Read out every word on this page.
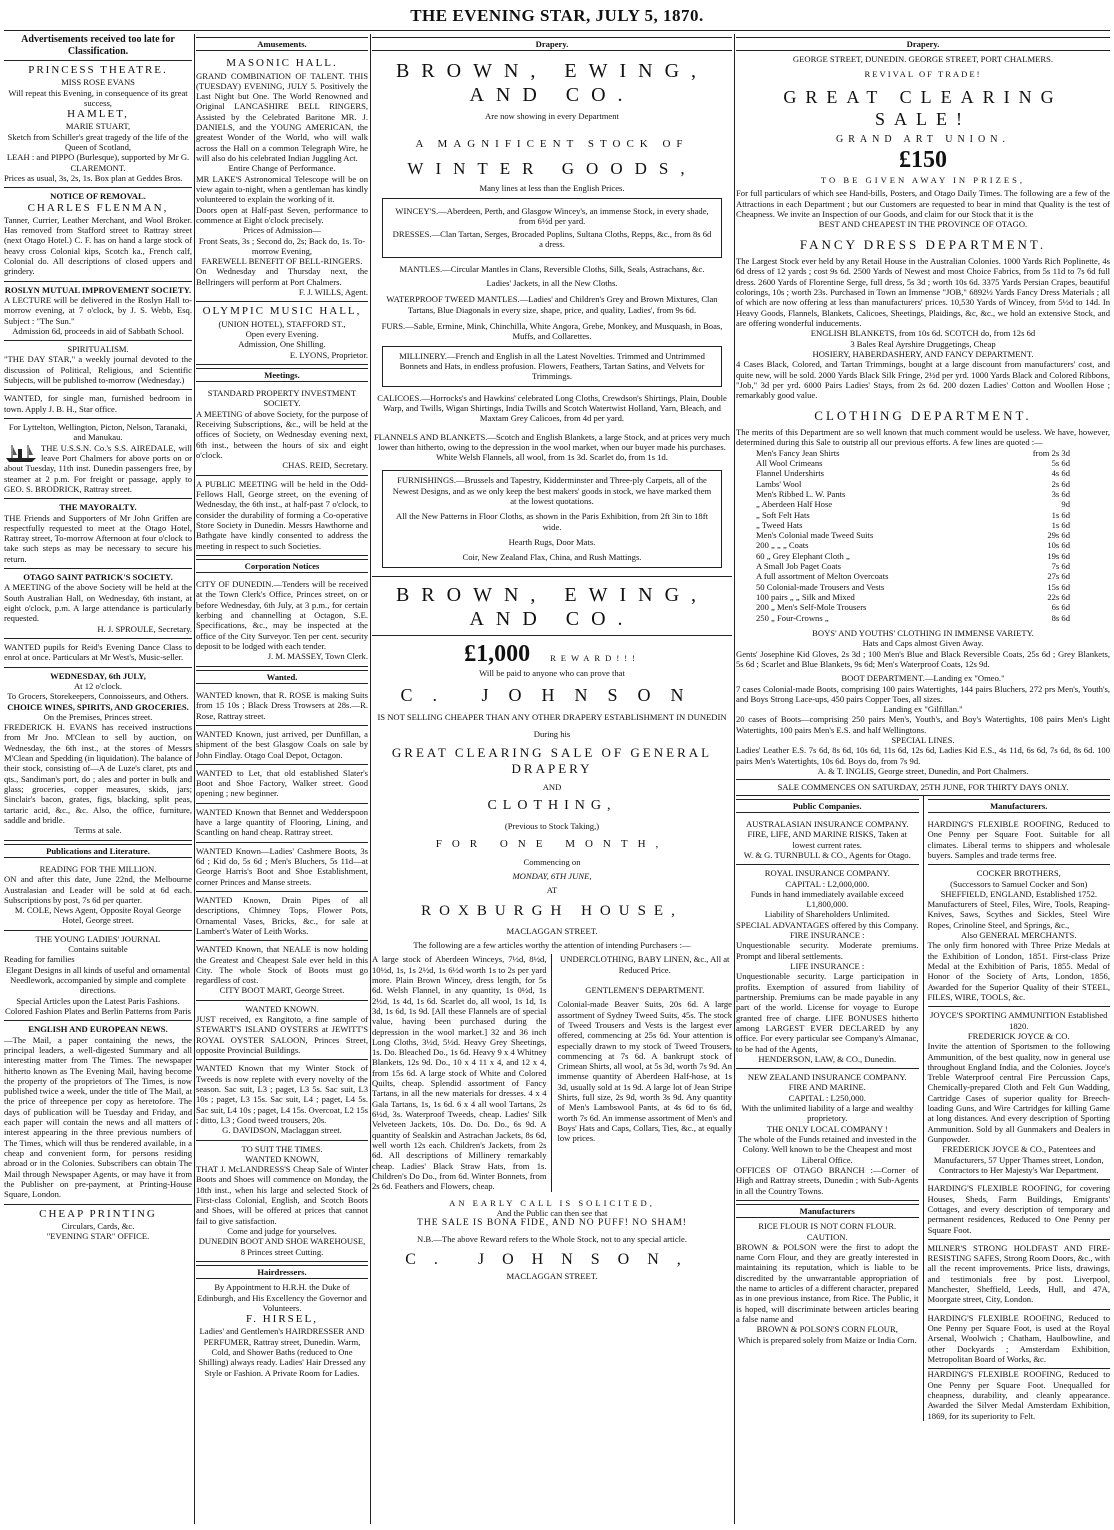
THE EVENING STAR, JULY 5, 1870.
Advertisements received too late for Classification.
PRINCESS THEATRE.
MISS ROSE EVANS
Will repeat this Evening, in consequence of its great success,
HAMLET,
MARIE STUART,
Sketch from Schiller's great tragedy of the life of the Queen of Scotland,
LEAH : and PIPPO (Burlesque), supported by Mr G. CLAREMONT.
Prices as usual, 3s, 2s, 1s. Box plan at Geddes Bros.
NOTICE OF REMOVAL.
CHARLES FLENMAN,
Tanner, Currier, Leather Merchant, and Wool Broker. Has removed from Stafford street to Rattray street (next Otago Hotel.) C. F. has on hand a large stock of heavy cross Colonial kips, Scotch ka., French calf, Colonial do. All descriptions of closed uppers and grindery.
ROSLYN MUTUAL IMPROVEMENT SOCIETY.
A LECTURE will be delivered in the Roslyn Hall to-morrow evening, at 7 o'clock, by J. S. Webb, Esq. Subject : "The Sun."
Admission 6d, proceeds in aid of Sabbath School.
SPIRITUALISM.
"THE DAY STAR," a weekly journal devoted to the discussion of Political, Religious, and Scientific Subjects, will be published to-morrow (Wednesday.)
WANTED, for single man, furnished bedroom in town. Apply J. B. H., Star office.
For Lyttelton, Wellington, Picton, Nelson, Taranaki, and Manukau.
THE U.S.S.N. Co.'s S.S. AIREDALE, will leave Port Chalmers for above ports on or about Tuesday, 11th inst. Dunedin passengers free, by steamer at 2 p.m. For freight or passage, apply to GEO. S. BRODRICK, Rattray street.
THE MAYORALTY.
THE Friends and Supporters of Mr John Griffen are respectfully requested to meet at the Otago Hotel, Rattray street, To-morrow Afternoon at four o'clock to take such steps as may be necessary to secure his return.
OTAGO SAINT PATRICK'S SOCIETY.
A MEETING of the above Society will be held at the South Australian Hall, on Wednesday, 6th instant, at eight o'clock, p.m. A large attendance is particularly requested.
H. J. SPROULE, Secretary.
WANTED pupils for Reid's Evening Dance Class to enrol at once. Particulars at Mr West's, Music-seller.
WEDNESDAY, 6th JULY,
At 12 o'clock.
To Grocers, Storekeepers, Connoisseurs, and Others.
CHOICE WINES, SPIRITS, AND GROCERIES.
On the Premises, Princes street.
FREDERICK H. EVANS has received instructions from Mr Jno. M'Clean to sell by auction, on Wednesday, the 6th inst., at the stores of Messrs M'Clean and Spedding (in liquidation). The balance of their stock, consisting of—A de Luze's claret, pts and qts., Sandiman's port, do ; ales and porter in bulk and glass; groceries, copper measures, skids, jars; Sinclair's bacon, grates, figs, blacking, split peas, tartaric acid, &c., &c. Also, the office, furniture, saddle and bridle.
Terms at sale.
Publications and Literature.
READING FOR THE MILLION.
ON and after this date, June 22nd, the Melbourne Australasian and Leader will be sold at 6d each. Subscriptions by post, 7s 6d per quarter.
M. COLE, News Agent, Opposite Royal George Hotel, George street.
THE YOUNG LADIES' JOURNAL
Contains suitable
Reading for families
Elegant Designs in all kinds of useful and ornamental Needlework, accompanied by simple and complete directions.
Special Articles upon the Latest Paris Fashions.
Colored Fashion Plates and Berlin Patterns from Paris
ENGLISH AND EUROPEAN NEWS.
—The Mail, a paper containing the news, the principal leaders, a well-digested Summary and all interesting matter from The Times. The newspaper hitherto known as The Evening Mail, having become the property of the proprietors of The Times, is now published twice a week, under the title of The Mail, at the price of threepence per copy as heretofore. The days of publication will be Tuesday and Friday, and each paper will contain the news and all matters of interest appearing in the three previous numbers of The Times, which will thus be rendered available, in a cheap and convenient form, for persons residing abroad or in the Colonies. Subscribers can obtain The Mail through Newspaper Agents, or may have it from the Publisher on pre-payment, at Printing-House Square, London.
CHEAP PRINTING
Circulars, Cards, &c.
"EVENING STAR" OFFICE.
Amusements.
MASONIC HALL.
GRAND COMBINATION OF TALENT. THIS (TUESDAY) EVENING, JULY 5. Positively the Last Night but One. The World Renowned and Original LANCASHIRE BELL RINGERS, Assisted by the Celebrated Baritone MR. J. DANIELS, and the YOUNG AMERICAN, the greatest Wonder of the World, who will walk across the Hall on a common Telegraph Wire, he will also do his celebrated Indian Juggling Act.
Entire Change of Performance.
MR LAKE'S Astronomical Telescope will be on view again to-night, when a gentleman has kindly volunteered to explain the working of it.
Doors open at Half-past Seven, performance to commence at Eight o'clock precisely.
Prices of Admission—
Front Seats, 3s ; Second do, 2s; Back do, 1s. To-morrow Evening,
FAREWELL BENEFIT OF BELL-RINGERS.
On Wednesday and Thursday next, the Bellringers will perform at Port Chalmers.
F. J. WILLS, Agent.
OLYMPIC MUSIC HALL,
(UNION HOTEL), STAFFORD ST.,
Open every Evening.
Admission, One Shilling.
E. LYONS, Proprietor.
Meetings.
STANDARD PROPERTY INVESTMENT SOCIETY.
A MEETING of above Society, for the purpose of Receiving Subscriptions, &c., will be held at the offices of Society, on Wednesday evening next, 6th inst., between the hours of six and eight o'clock.
CHAS. REID, Secretary.
A PUBLIC MEETING will be held in the Odd-Fellows Hall, George street, on the evening of Wednesday, the 6th inst., at half-past 7 o'clock, to consider the durability of forming a Co-operative Store Society in Dunedin. Messrs Hawthorne and Bathgate have kindly consented to address the meeting in respect to such Societies.
Corporation Notices
CITY OF DUNEDIN.—Tenders will be received at the Town Clerk's Office, Princes street, on or before Wednesday, 6th July, at 3 p.m., for certain kerbing and channelling at Octagon, S.E. Specifications, &c., may be inspected at the office of the City Surveyor. Ten per cent. security deposit to be lodged with each tender.
J. M. MASSEY, Town Clerk.
Wanted.
WANTED known, that R. ROSE is making Suits from 15 10s ; Black Dress Trowsers at 28s.—R. Rose, Rattray street.
WANTED Known, just arrived, per Dunfillan, a shipment of the best Glasgow Coals on sale by John Findlay. Otago Coal Depot, Octagon.
WANTED to Let, that old established Slater's Boot and Shoe Factory, Walker street. Good opening ; new beginner.
WANTED Known that Bennet and Wedderspoon have a large quantity of Flooring, Lining, and Scantling on hand cheap. Rattray street.
WANTED Known—Ladies' Cashmere Boots, 3s 6d ; Kid do, 5s 6d ; Men's Bluchers, 5s 11d—at George Harris's Boot and Shoe Establishment, corner Princes and Manse streets.
WANTED Known, Drain Pipes of all descriptions, Chimney Tops, Flower Pots, Ornamental Vases, Bricks, &c., for sale at Lambert's Water of Leith Works.
WANTED Known, that NEALE is now holding the Greatest and Cheapest Sale ever held in this City. The whole Stock of Boots must go regardless of cost.
CITY BOOT MART, George Street.
WANTED KNOWN.
JUST received, ex Rangitoto, a fine sample of STEWART'S ISLAND OYSTERS at JEWITT'S ROYAL OYSTER SALOON, Princes Street, opposite Provincial Buildings.
WANTED Known that my Winter Stock of Tweeds is now replete with every novelty of the season. Sac suit, L3 ; paget, L3 5s. Sac suit, L3 10s ; paget, L3 15s. Sac suit, L4 ; paget, L4 5s. Sac suit, L4 10s ; paget, L4 15s. Overcoat, L2 15s ; ditto, L3 ; Good tweed trousers, 20s.
G. DAVIDSON, Maclaggan street.
TO SUIT THE TIMES.
WANTED KNOWN,
THAT J. McLANDRESS'S Cheap Sale of Winter Boots and Shoes will commence on Monday, the 18th inst., when his large and selected Stock of First-class Colonial, English, and Scotch Boots and Shoes, will be offered at prices that cannot fail to give satisfaction.
Come and judge for yourselves.
DUNEDIN BOOT AND SHOE WAREHOUSE, 8 Princes street Cutting.
Hairdressers.
By Appointment to H.R.H. the Duke of Edinburgh, and His Excellency the Governor and Volunteers.
F. HIRSEL,
Ladies' and Gentlemen's HAIRDRESSER AND PERFUMER, Rattray street, Dunedin. Warm, Cold, and Shower Baths (reduced to One Shilling) always ready. Ladies' Hair Dressed any Style or Fashion. A Private Room for Ladies.
Drapery.
BROWN, EWING, AND CO.
Are now showing in every Department
A MAGNIFICENT STOCK OF
WINTER GOODS,
Many lines at less than the English Prices.
WINCEY'S.—Aberdeen, Perth, and Glasgow Wincey's, an immense Stock, in every shade, from 6½d per yard.
DRESSES.—Clan Tartan, Serges, Brocaded Poplins, Sultana Cloths, Repps, &c., from 8s 6d a dress.
MANTLES.—Circular Mantles in Clans, Reversible Cloths, Silk, Seals, Astrachans, &c.
Ladies' Jackets, in all the New Cloths.
WATERPROOF TWEED MANTLES.—Ladies' and Children's Grey and Brown Mixtures, Clan Tartans, Blue Diagonals in every size, shape, price, and quality, Ladies', from 9s 6d.
FURS.—Sable, Ermine, Mink, Chinchilla, White Angora, Grebe, Monkey, and Musquash, in Boas, Muffs, and Collarettes.
MILLINERY.—French and English in all the Latest Novelties. Trimmed and Untrimmed Bonnets and Hats, in endless profusion. Flowers, Feathers, Tartan Satins, and Velvets for Trimmings.
CALICOES.—Horrocks's and Hawkins' celebrated Long Cloths, Crewdson's Shirtings, Plain, Double Warp, and Twills, Wigan Shirtings, India Twills and Scotch Watertwist Holland, Yarn, Bleach, and Maxtam Grey Calicoes, from 4d per yard.
FLANNELS AND BLANKETS.—Scotch and English Blankets, a large Stock, and at prices very much lower than hitherto, owing to the depression in the wool market, when our buyer made his purchases. White Welsh Flannels, all wool, from 1s 3d. Scarlet do, from 1s 1d.
FURNISHINGS.—Brussels and Tapestry, Kidderminster and Three-ply Carpets, all of the Newest Designs, and as we only keep the best makers' goods in stock, we have marked them at the lowest quotations.
All the New Patterns in Floor Cloths, as shown in the Paris Exhibition, from 2ft 3in to 18ft wide.
Hearth Rugs, Door Mats.
Coir, New Zealand Flax, China, and Rush Mattings.
BROWN, EWING, AND CO.
£1,000 REWARD!!!
Will be paid to anyone who can prove that
C. JOHNSON
IS NOT SELLING CHEAPER THAN ANY OTHER DRAPERY ESTABLISHMENT IN DUNEDIN
During his
GREAT CLEARING SALE OF GENERAL DRAPERY
AND
CLOTHING,
(Previous to Stock Taking,)
FOR ONE MONTH,
Commencing on
MONDAY, 6TH JUNE,
AT
ROXBURGH HOUSE,
MACLAGGAN STREET.
The following are a few articles worthy the attention of intending Purchasers :—
A large stock of Aberdeen Winceys, 7½d, 8½d, 10½d, 1s, 1s 2½d, 1s 6½d worth 1s to 2s per yard more. Plain Brown Wincey, dress length, for 5s 6d. Welsh Flannel, in any quantity, 1s 0½d, 1s 2½d, 1s 4d, 1s 6d. Scarlet do, all wool, 1s 1d, 1s 3d, 1s 6d, 1s 9d. [All these Flannels are of special value, having been purchased during the depression in the wool market.] 32 and 36 inch Long Cloths, 3½d, 5½d. Heavy Grey Sheetings, 1s. Do. Bleached Do., 1s 6d. Heavy 9 x 4 Whitney Blankets, 12s 9d. Do., 10 x 4 11 x 4, and 12 x 4, from 15s 6d. A large stock of White and Colored Quilts, cheap. Splendid assortment of Fancy Tartans, in all the new materials for dresses. 4 x 4 Gala Tartans, 1s, 1s 6d. 6 x 4 all wool Tartans, 2s 6½d, 3s. Waterproof Tweeds, cheap. Ladies' Silk Velveteen Jackets, 10s. Do. Do. Do., 6s 9d. A quantity of Sealskin and Astrachan Jackets, 8s 6d, well worth 12s each. Children's Jackets, from 2s 6d. All descriptions of Millinery remarkably cheap. Ladies' Black Straw Hats, from 1s. Children's Do Do., from 6d. Winter Bonnets, from 2s 6d. Feathers and Flowers, cheap.
UNDERCLOTHING, BABY LINEN, &c., All at Reduced Price.
GENTLEMEN'S DEPARTMENT.
Colonial-made Beaver Suits, 20s 6d. A large assortment of Sydney Tweed Suits, 45s. The stock of Tweed Trousers and Vests is the largest ever offered, commencing at 25s 6d. Your attention is especially drawn to my stock of Tweed Trousers, commencing at 7s 6d. A bankrupt stock of Crimean Shirts, all wool, at 5s 3d, worth 7s 9d. An immense quantity of Aberdeen Half-hose, at 1s 3d, usually sold at 1s 9d. A large lot of Jean Stripe Shirts, full size, 2s 9d, worth 3s 9d. Any quantity of Men's Lambswool Pants, at 4s 6d to 6s 6d, worth 7s 6d. An immense assortment of Men's and Boys' Hats and Caps, Collars, Ties, &c., at equally low prices.
AN EARLY CALL IS SOLICITED,
And the Public can then see that
THE SALE IS BONA FIDE, AND NO PUFF! NO SHAM!
N.B.—The above Reward refers to the Whole Stock, not to any special article.
C. JOHNSON,
MACLAGGAN STREET.
Drapery.
GEORGE STREET, DUNEDIN. GEORGE STREET, PORT CHALMERS.
REVIVAL OF TRADE!
GREAT CLEARING SALE!
GRAND ART UNION.
£150
TO BE GIVEN AWAY IN PRIZES,
For full particulars of which see Hand-bills, Posters, and Otago Daily Times. The following are a few of the Attractions in each Department ; but our Customers are requested to bear in mind that Quality is the test of Cheapness. We invite an Inspection of our Goods, and claim for our Stock that it is the
BEST AND CHEAPEST IN THE PROVINCE OF OTAGO.
FANCY DRESS DEPARTMENT.
The Largest Stock ever held by any Retail House in the Australian Colonies. 1000 Yards Rich Poplinette, 4s 6d dress of 12 yards ; cost 9s 6d. 2500 Yards of Newest and most Choice Fabrics, from 5s 11d to 7s 6d full dress. 2600 Yards of Florentine Serge, full dress, 5s 3d ; worth 10s 6d. 3375 Yards Persian Crapes, beautiful colorings, 10s ; worth 23s. Purchased in Town an Immense "JOB," 6892½ Yards Fancy Dress Materials ; all of which are now offering at less than manufacturers' prices. 10,530 Yards of Wincey, from 5½d to 14d. In Heavy Goods, Flannels, Blankets, Calicoes, Sheetings, Plaidings, &c, &c., we hold an extensive Stock, and are offering wonderful inducements.
ENGLISH BLANKETS, from 10s 6d. SCOTCH do, from 12s 6d
3 Bales Real Ayrshire Druggetings, Cheap
HOSIERY, HABERDASHERY, AND FANCY DEPARTMENT.
4 Cases Black, Colored, and Tartan Trimmings, bought at a large discount from manufacturers' cost, and quite new, will be sold. 2000 Yards Black Silk Fringe, 2½d per yrd. 1000 Yards Black and Colored Ribbons, "Job," 3d per yrd. 6000 Pairs Ladies' Stays, from 2s 6d. 200 dozen Ladies' Cotton and Woollen Hose ; remarkably good value.
CLOTHING DEPARTMENT.
The merits of this Department are so well known that much comment would be useless. We have, however, determined during this Sale to outstrip all our previous efforts. A few lines are quoted :—
Men's Fancy Jean Shirts	from 2s 3d
All Wool Crimeans	5s 6d
Flannel Undershirts	4s 6d
Lambs' Wool	2s 6d
Men's Ribbed L. W. Pants	3s 6d
„ Aberdeen Half Hose	9d
„ Soft Felt Hats	1s 6d
„ Tweed Hats	1s 6d
Men's Colonial made Tweed Suits	29s 6d
200 „ „ „ Coats	10s 6d
60 „ Grey Elephant Cloth „	19s 6d
A Small Job Paget Coats	7s 6d
A full assortment of Melton Overcoats	27s 6d
50 Colonial-made Trousers and Vests	15s 6d
100 pairs „ „ Silk and Mixed	22s 6d
200 „ Men's Self-Mole Trousers	6s 6d
250 „ Four-Crowns „	8s 6d
BOYS' AND YOUTHS' CLOTHING IN IMMENSE VARIETY.
Hats and Caps almost Given Away.
Gents' Josephine Kid Gloves, 2s 3d ; 100 Men's Blue and Black Reversible Coats, 25s 6d ; Grey Blankets, 5s 6d ; Scarlet and Blue Blankets, 9s 6d; Men's Waterproof Coats, 12s 9d.
BOOT DEPARTMENT.—Landing ex "Omeo."
7 cases Colonial-made Boots, comprising 100 pairs Watertights, 144 pairs Bluchers, 272 prs Men's, Youth's, and Boys Strong Lace-ups, 450 pairs Copper Toes, all sizes.
Landing ex "Gilfillan."
20 cases of Boots—comprising 250 pairs Men's, Youth's, and Boy's Watertights, 108 pairs Men's Light Watertights, 100 pairs Men's E.S. and half Wellingtons.
SPECIAL LINES.
Ladies' Leather E.S. 7s 6d, 8s 6d, 10s 6d, 11s 6d, 12s 6d, Ladies Kid E.S., 4s 11d, 6s 6d, 7s 6d, 8s 6d. 100 pairs Men's Watertights, 10s 6d. Boys do, from 7s 9d.
A. & T. INGLIS, George street, Dunedin, and Port Chalmers.
SALE COMMENCES ON SATURDAY, 25TH JUNE, FOR THIRTY DAYS ONLY.
Public Companies.
AUSTRALASIAN INSURANCE COMPANY.
FIRE, LIFE, AND MARINE RISKS, Taken at lowest current rates.
W. & G. TURNBULL & CO., Agents for Otago.
ROYAL INSURANCE COMPANY.
CAPITAL : L2,000,000.
Funds in hand immediately available exceed L1,800,000.
Liability of Shareholders Unlimited.
SPECIAL ADVANTAGES offered by this Company.
FIRE INSURANCE :
Unquestionable security. Moderate premiums. Prompt and liberal settlements.
LIFE INSURANCE :
Unquestionable security. Large participation in profits. Exemption of assured from liability of partnership. Premiums can be made payable in any part of the world. License for voyage to Europe granted free of charge. LIFE BONUSES hitherto among LARGEST EVER DECLARED by any office. For every particular see Company's Almanac, to be had of the Agents,
HENDERSON, LAW, & CO., Dunedin.
NEW ZEALAND INSURANCE COMPANY.
FIRE AND MARINE.
CAPITAL : L250,000.
With the unlimited liability of a large and wealthy proprietory.
THE ONLY LOCAL COMPANY !
The whole of the Funds retained and invested in the Colony. Well known to be the Cheapest and most Liberal Office.
OFFICES OF OTAGO BRANCH :—Corner of High and Rattray streets, Dunedin ; with Sub-Agents in all the Country Towns.
Manufacturers
RICE FLOUR IS NOT CORN FLOUR.
CAUTION.
BROWN & POLSON were the first to adopt the name Corn Flour, and they are greatly interested in maintaining its reputation, which is liable to be discredited by the unwarrantable appropriation of the name to articles of a different character, prepared as in one previous instance, from Rice. The Public, it is hoped, will discriminate between articles bearing a false name and
BROWN & POLSON'S CORN FLOUR,
Which is prepared solely from Maize or India Corn.
Manufacturers.
HARDING'S FLEXIBLE ROOFING, Reduced to One Penny per Square Foot. Suitable for all climates. Liberal terms to shippers and wholesale buyers. Samples and trade terms free.
COCKER BROTHERS,
(Successors to Samuel Cocker and Son) SHEFFIELD, ENGLAND, Established 1752.
Manufacturers of Steel, Files, Wire, Tools, Reaping-Knives, Saws, Scythes and Sickles, Steel Wire Ropes, Crinoline Steel, and Springs, &c.,
Also GENERAL MERCHANTS.
The only firm honored with Three Prize Medals at the Exhibition of London, 1851. First-class Prize Medal at the Exhibition of Paris, 1855. Medal of Honor of the Society of Arts, London, 1856, Awarded for the Superior Quality of their STEEL, FILES, WIRE, TOOLS, &c.
JOYCE'S SPORTING AMMUNITION Established 1820.
FREDERICK JOYCE & CO.
Invite the attention of Sportsmen to the following Ammunition, of the best quality, now in general use throughout England India, and the Colonies. Joyce's Treble Waterproof central Fire Percussion Caps, Chemically-prepared Cloth and Felt Gun Wadding, Cartridge Cases of superior quality for Breech-loading Guns, and Wire Cartridges for killing Game at long distances. And every description of Sporting Ammunition. Sold by all Gunmakers and Dealers in Gunpowder.
FREDERICK JOYCE & CO., Patentees and Manufacturers, 57 Upper Thames street, London, Contractors to Her Majesty's War Department.
HARDING'S FLEXIBLE ROOFING, for covering Houses, Sheds, Farm Buildings, Emigrants' Cottages, and every description of temporary and permanent residences, Reduced to One Penny per Square Foot.
MILNER'S STRONG HOLDFAST AND FIRE-RESISTING SAFES, Strong Room Doors, &c., with all the recent improvements. Price lists, drawings, and testimonials free by post. Liverpool, Manchester, Sheffield, Leeds, Hull, and 47A, Moorgate street, City, London.
HARDING'S FLEXIBLE ROOFING, Reduced to One Penny per Square Foot, is used at the Royal Arsenal, Woolwich ; Chatham, Haulbowline, and other Dockyards ; Amsterdam Exhibition, Metropolitan Board of Works, &c.
HARDING'S FLEXIBLE ROOFING, Reduced to One Penny per Square Foot. Unequalled for cheapness, durability, and cleanly appearance. Awarded the Silver Medal Amsterdam Exhibition, 1869, for its superiority to Felt.
